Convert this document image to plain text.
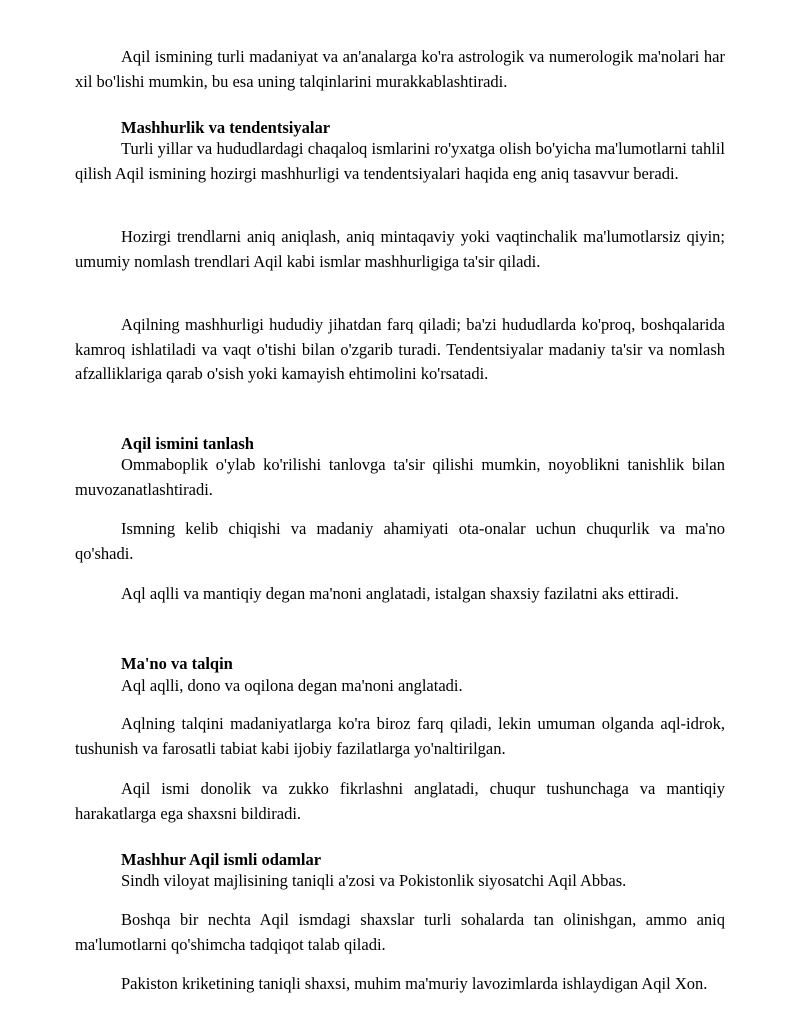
Aqil ismining turli madaniyat va an'analarga ko'ra astrologik va numerologik ma'nolari har xil bo'lishi mumkin, bu esa uning talqinlarini murakkablashtiradi.

Mashhurlik va tendentsiyalar

Turli yillar va hududlardagi chaqaloq ismlarini ro'yxatga olish bo'yicha ma'lumotlarni tahlil qilish Aqil ismining hozirgi mashhurligi va tendentsiyalari haqida eng aniq tasavvur beradi.

Hozirgi trendlarni aniq aniqlash, aniq mintaqaviy yoki vaqtinchalik ma'lumotlarsiz qiyin; umumiy nomlash trendlari Aqil kabi ismlar mashhurligiga ta'sir qiladi.

Aqilning mashhurligi hududiy jihatdan farq qiladi; ba'zi hududlarda ko'proq, boshqalarida kamroq ishlatiladi va vaqt o'tishi bilan o'zgarib turadi. Tendentsiyalar madaniy ta'sir va nomlash afzalliklariga qarab o'sish yoki kamayish ehtimolini ko'rsatadi.

Aqil ismini tanlash

Ommaboplik o'ylab ko'rilishi tanlovga ta'sir qilishi mumkin, noyoblikni tanishlik bilan muvozanatlashtiradi.

Ismning kelib chiqishi va madaniy ahamiyati ota-onalar uchun chuqurlik va ma'no qo'shadi.

Aql aqlli va mantiqiy degan ma'noni anglatadi, istalgan shaxsiy fazilatni aks ettiradi.

Ma'no va talqin

Aql aqlli, dono va oqilona degan ma'noni anglatadi.

Aqlning talqini madaniyatlarga ko'ra biroz farq qiladi, lekin umuman olganda aql-idrok, tushunish va farosatli tabiat kabi ijobiy fazilatlarga yo'naltirilgan.

Aqil ismi donolik va zukko fikrlashni anglatadi, chuqur tushunchaga va mantiqiy harakatlarga ega shaxsni bildiradi.

Mashhur Aqil ismli odamlar

Sindh viloyat majlisining taniqli a'zosi va Pokistonlik siyosatchi Aqil Abbas.

Boshqa bir nechta Aqil ismdagi shaxslar turli sohalarda tan olinishgan, ammo aniq ma'lumotlarni qo'shimcha tadqiqot talab qiladi.

Pakiston kriketining taniqli shaxsi, muhim ma'muriy lavozimlarda ishlaydigan Aqil Xon.
